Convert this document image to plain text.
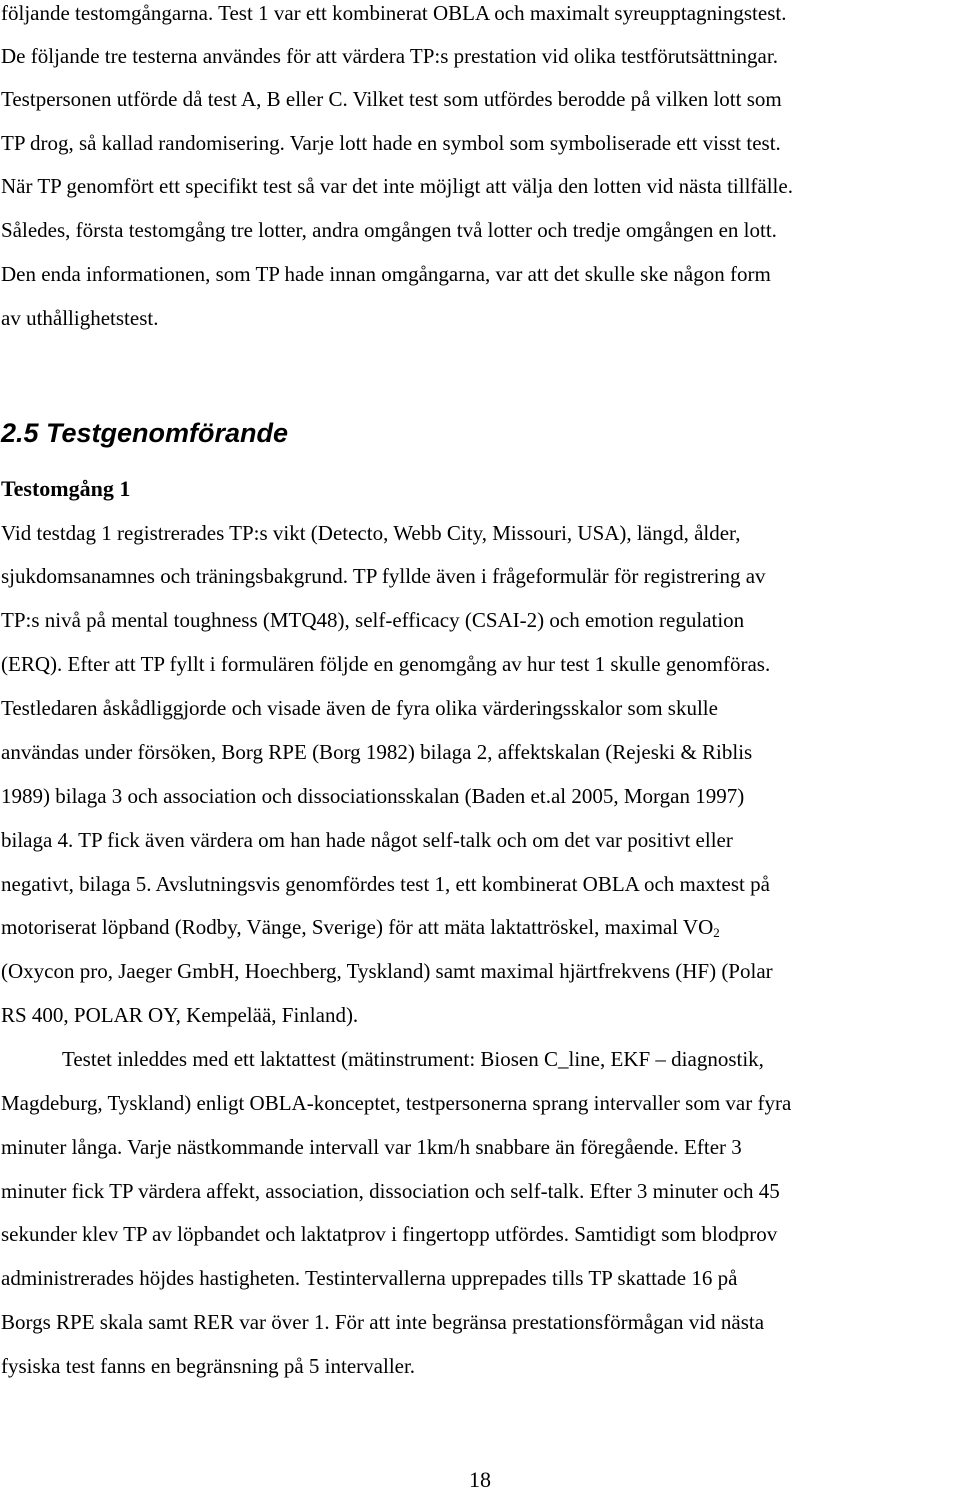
följande testomgångarna. Test 1 var ett kombinerat OBLA och maximalt syreupptagningstest.
De följande tre testerna användes för att värdera TP:s prestation vid olika testförutsättningar.
Testpersonen utförde då test A, B eller C. Vilket test som utfördes berodde på vilken lott som
TP drog, så kallad randomisering. Varje lott hade en symbol som symboliserade ett visst test.
När TP genomfört ett specifikt test så var det inte möjligt att välja den lotten vid nästa tillfälle.
Således, första testomgång tre lotter, andra omgången två lotter och tredje omgången en lott.
Den enda informationen, som TP hade innan omgångarna, var att det skulle ske någon form
av uthållighetstest.
2.5 Testgenomförande
Testomgång 1
Vid testdag 1 registrerades TP:s vikt (Detecto, Webb City, Missouri, USA), längd, ålder,
sjukdomsanamnes och träningsbakgrund. TP fyllde även i frågeformulär för registrering av
TP:s nivå på mental toughness (MTQ48), self-efficacy (CSAI-2) och emotion regulation
(ERQ). Efter att TP fyllt i formulären följde en genomgång av hur test 1 skulle genomföras.
Testledaren åskådliggjorde och visade även de fyra olika värderingsskalor som skulle
användas under försöken, Borg RPE (Borg 1982) bilaga 2, affektskalan (Rejeski & Riblis
1989) bilaga 3 och association och dissociationsskalan (Baden et.al 2005, Morgan 1997)
bilaga 4. TP fick även värdera om han hade något self-talk och om det var positivt eller
negativt, bilaga 5. Avslutningsvis genomfördes test 1, ett kombinerat OBLA och maxtest på
motoriserat löpband (Rodby, Vänge, Sverige) för att mäta laktattröskel, maximal $VO_2$
(Oxycon pro, Jaeger GmbH, Hoechberg, Tyskland) samt maximal hjärtfrekvens (HF) (Polar
RS 400, POLAR OY, Kempelää, Finland).
Testet inleddes med ett laktattest (mätinstrument: Biosen C_line, EKF – diagnostik,
Magdeburg, Tyskland) enligt OBLA-konceptet, testpersonerna sprang intervaller som var fyra
minuter långa. Varje nästkommande intervall var 1km/h snabbare än föregående. Efter 3
minuter fick TP värdera affekt, association, dissociation och self-talk. Efter 3 minuter och 45
sekunder klev TP av löpbandet och laktatprov i fingertopp utfördes. Samtidigt som blodprov
administrerades höjdes hastigheten. Testintervallerna upprepades tills TP skattade 16 på
Borgs RPE skala samt RER var över 1. För att inte begränsa prestationsförmågan vid nästa
fysiska test fanns en begränsning på 5 intervaller.
18
